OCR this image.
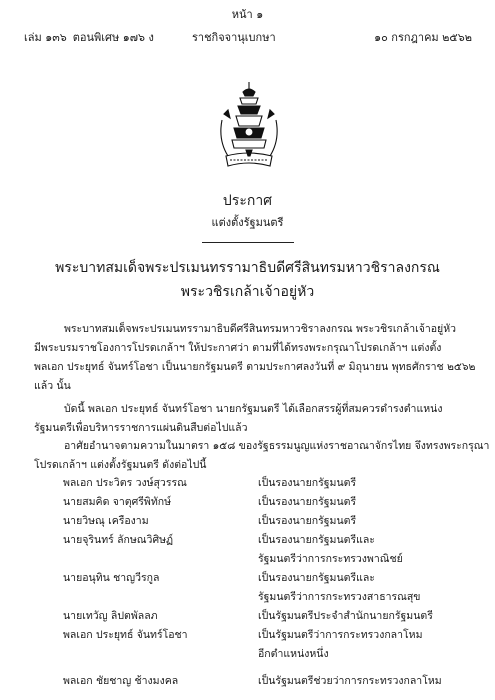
หน้า ๑
เล่ม ๑๓๖ ตอนพิเศษ ๑๗๖ ง	ราชกิจจานุเบกษา	๑๐ กรกฎาคม ๒๕๖๒
ประกาศ
แต่งตั้งรัฐมนตรี
พระบาทสมเด็จพระปรเมนทรรามาธิบดีศรีสินทรมหาวชิราลงกรณ
พระวชิรเกล้าเจ้าอยู่หัว
พระบาทสมเด็จพระปรเมนทรรามาธิบดีศรีสินทรมหาวชิราลงกรณ พระวชิรเกล้าเจ้าอยู่หัว
มีพระบรมราชโองการโปรดเกล้าฯ ให้ประกาศว่า ตามที่ได้ทรงพระกรุณาโปรดเกล้าฯ แต่งตั้ง
พลเอก ประยุทธ์ จันทร์โอชา เป็นนายกรัฐมนตรี ตามประกาศลงวันที่ ๙ มิถุนายน พุทธศักราช ๒๕๖๒
แล้ว นั้น
บัดนี้ พลเอก ประยุทธ์ จันทร์โอชา นายกรัฐมนตรี ได้เลือกสรรผู้ที่สมควรดำรงตำแหน่ง
รัฐมนตรีเพื่อบริหารราชการแผ่นดินสืบต่อไปแล้ว
อาศัยอำนาจตามความในมาตรา ๑๕๘ ของรัฐธรรมนูญแห่งราชอาณาจักรไทย จึงทรงพระกรุณา
โปรดเกล้าฯ แต่งตั้งรัฐมนตรี ดังต่อไปนี้
พลเอก ประวิตร วงษ์สุวรรณ	เป็นรองนายกรัฐมนตรี
นายสมคิด จาตุศรีพิทักษ์	เป็นรองนายกรัฐมนตรี
นายวิษณุ เครืองาม	เป็นรองนายกรัฐมนตรี
นายจุรินทร์ ลักษณวิศิษฏ์	เป็นรองนายกรัฐมนตรีและ
รัฐมนตรีว่าการกระทรวงพาณิชย์
นายอนุทิน ชาญวีรกูล	เป็นรองนายกรัฐมนตรีและ
รัฐมนตรีว่าการกระทรวงสาธารณสุข
นายเทวัญ ลิปตพัลลภ	เป็นรัฐมนตรีประจำสำนักนายกรัฐมนตรี
พลเอก ประยุทธ์ จันทร์โอชา	เป็นรัฐมนตรีว่าการกระทรวงกลาโหม
อีกตำแหน่งหนึ่ง
พลเอก ชัยชาญ ช้างมงคล	เป็นรัฐมนตรีช่วยว่าการกระทรวงกลาโหม
